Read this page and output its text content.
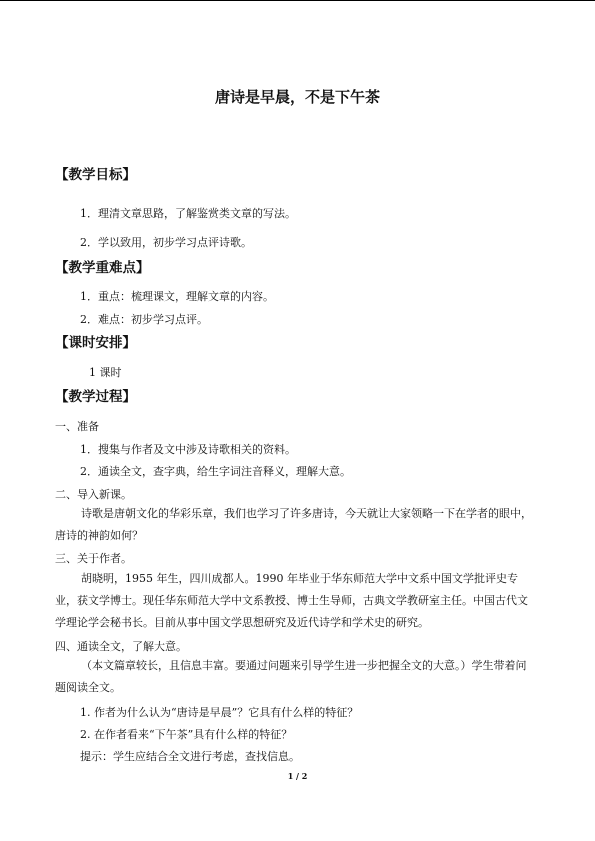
唐诗是早晨，不是下午茶
【教学目标】
1．理清文章思路，了解鉴赏类文章的写法。
2．学以致用，初步学习点评诗歌。
【教学重难点】
1．重点：梳理课文，理解文章的内容。
2．难点：初步学习点评。
【课时安排】
1 课时
【教学过程】
一、准备
1．搜集与作者及文中涉及诗歌相关的资料。
2．通读全文，查字典，给生字词注音释义，理解大意。
二、导入新课。
诗歌是唐朝文化的华彩乐章，我们也学习了许多唐诗，今天就让大家领略一下在学者的眼中，唐诗的神韵如何？
三、关于作者。
胡晓明，1955 年生，四川成都人。1990 年毕业于华东师范大学中文系中国文学批评史专业，获文学博士。现任华东师范大学中文系教授、博士生导师，古典文学教研室主任。中国古代文学理论学会秘书长。目前从事中国文学思想研究及近代诗学和学术史的研究。
四、通读全文，了解大意。
（本文篇章较长，且信息丰富。要通过问题来引导学生进一步把握全文的大意。）学生带着问题阅读全文。
1. 作者为什么认为“唐诗是早晨”？它具有什么样的特征？
2. 在作者看来“下午茶”具有什么样的特征？
提示：学生应结合全文进行考虑，查找信息。
1 / 2
